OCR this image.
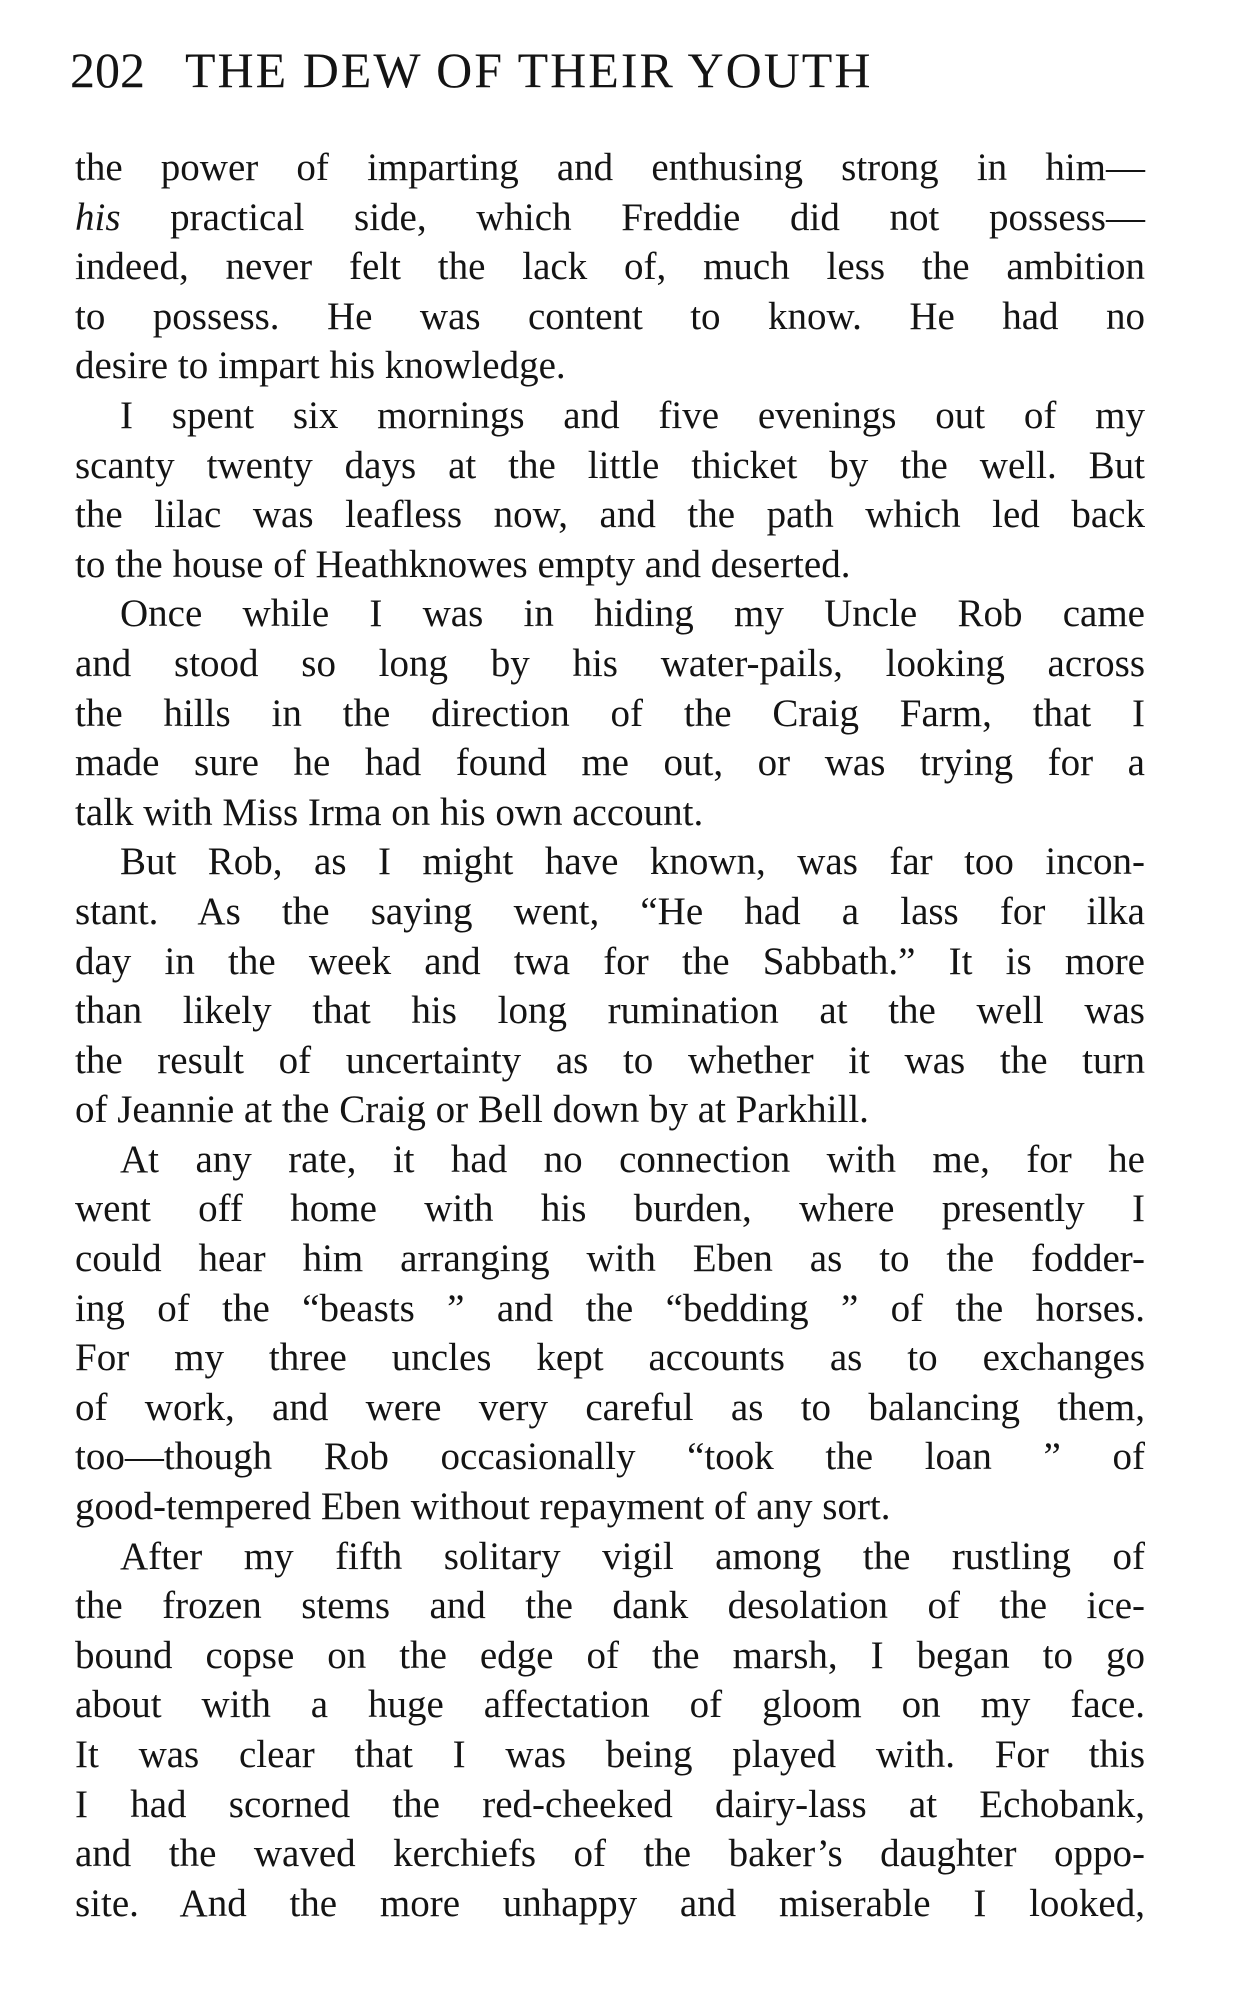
202 THE DEW OF THEIR YOUTH
the power of imparting and enthusing strong in him—
his practical side, which Freddie did not possess—
indeed, never felt the lack of, much less the ambition
to possess. He was content to know. He had no
desire to impart his knowledge.
I spent six mornings and five evenings out of my
scanty twenty days at the little thicket by the well. But
the lilac was leafless now, and the path which led back
to the house of Heathknowes empty and deserted.
Once while I was in hiding my Uncle Rob came
and stood so long by his water-pails, looking across
the hills in the direction of the Craig Farm, that I
made sure he had found me out, or was trying for a
talk with Miss Irma on his own account.
But Rob, as I might have known, was far too incon-
stant. As the saying went, “He had a lass for ilka
day in the week and twa for the Sabbath.” It is more
than likely that his long rumination at the well was
the result of uncertainty as to whether it was the turn
of Jeannie at the Craig or Bell down by at Parkhill.
At any rate, it had no connection with me, for he
went off home with his burden, where presently I
could hear him arranging with Eben as to the fodder-
ing of the “beasts ” and the “bedding ” of the horses.
For my three uncles kept accounts as to exchanges
of work, and were very careful as to balancing them,
too—though Rob occasionally “took the loan ” of
good-tempered Eben without repayment of any sort.
After my fifth solitary vigil among the rustling of
the frozen stems and the dank desolation of the ice-
bound copse on the edge of the marsh, I began to go
about with a huge affectation of gloom on my face.
It was clear that I was being played with. For this
I had scorned the red-cheeked dairy-lass at Echobank,
and the waved kerchiefs of the baker’s daughter oppo-
site. And the more unhappy and miserable I looked,
